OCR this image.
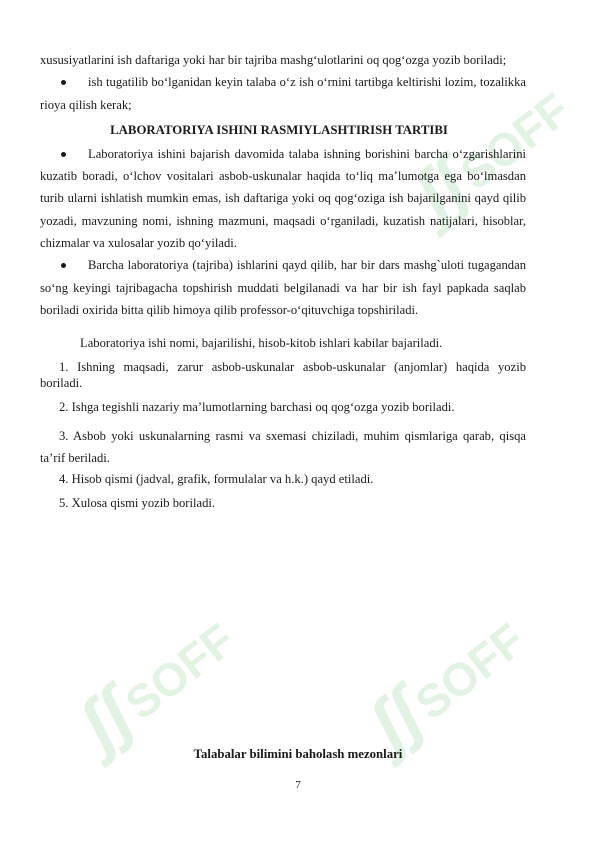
ʃʃSOFF
ʃʃSOFF ʃʃSOFF

xususiyatlarini ish daftariga yoki har bir tajriba mashg‘ulotlarini oq qog‘ozga yozib boriladi;

ish tugatilib bo‘lganidan keyin talaba o‘z ish o‘rnini tartibga keltirishi lozim, tozalikka rioya qilish kerak;

LABORATORIYA ISHINI RASMIYLASHTIRISH TARTIBI

Laboratoriya ishini bajarish davomida talaba ishning borishini barcha o‘zgarishlarini kuzatib boradi, o‘lchov vositalari asbob-uskunalar haqida to‘liq ma’lumotga ega bo‘lmasdan turib ularni ishlatish mumkin emas, ish daftariga yoki oq qog‘oziga ish bajarilganini qayd qilib yozadi, mavzuning nomi, ishning mazmuni, maqsadi o‘rganiladi, kuzatish natijalari, hisoblar, chizmalar va xulosalar yozib qo‘yiladi.

Barcha laboratoriya (tajriba) ishlarini qayd qilib, har bir dars mashg`uloti tugagandan so‘ng keyingi tajribagacha topshirish muddati belgilanadi va har bir ish fayl papkada saqlab boriladi oxirida bitta qilib himoya qilib professor-o‘qituvchiga topshiriladi.

Laboratoriya ishi nomi, bajarilishi, hisob-kitob ishlari kabilar bajariladi.

1. Ishning maqsadi, zarur asbob-uskunalar asbob-uskunalar (anjomlar) haqida yozib boriladi.

2. Ishga tegishli nazariy ma’lumotlarning barchasi oq qog‘ozga yozib boriladi.

3. Asbob yoki uskunalarning rasmi va sxemasi chiziladi, muhim qismlariga qarab, qisqa ta’rif beriladi.

4. Hisob qismi (jadval, grafik, formulalar va h.k.) qayd etiladi.

5. Xulosa qismi yozib boriladi.

Talabalar bilimini baholash mezonlari
7
